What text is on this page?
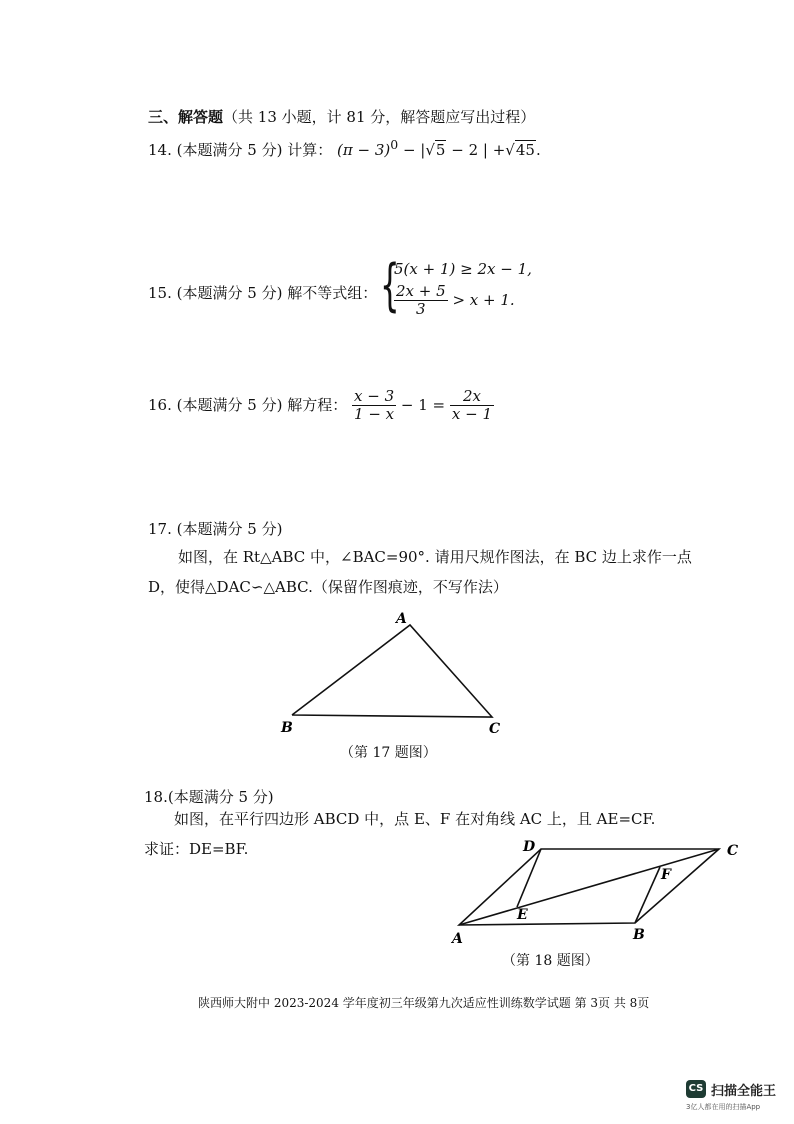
三、解答题（共 13 小题，计 81 分，解答题应写出过程）
14. (本题满分 5 分) 计算： $(\pi - 3)^0 - |√5 - 2$ | +√45.
15. (本题满分 5 分) 解不等式组： {
5(x + 1) ≥ 2x − 1,
$\frac{2x + 5}{3} > x + 1$.
16. (本题满分 5 分) 解方程： $\frac{x - 3}{1 - x} - 1 = \frac{2x}{x - 1}$
17. (本题满分 5 分)
如图，在 Rt△ABC 中，∠BAC=90°. 请用尺规作图法，在 BC 边上求作一点
D，使得△DAC∽△ABC.（保留作图痕迹，不写作法）
A
B	C
（第 17 题图）
18.(本题满分 5 分)
如图，在平行四边形 ABCD 中，点 E、F 在对角线 AC 上，且 AE=CF.
求证：DE=BF.
A	B
C
D
E
F
（第 18 题图）
陕西师大附中 2023-2024 学年度初三年级第九次适应性训练数学试题 第 3页 共 8页
CS 扫描全能王
3亿人都在用的扫描App
